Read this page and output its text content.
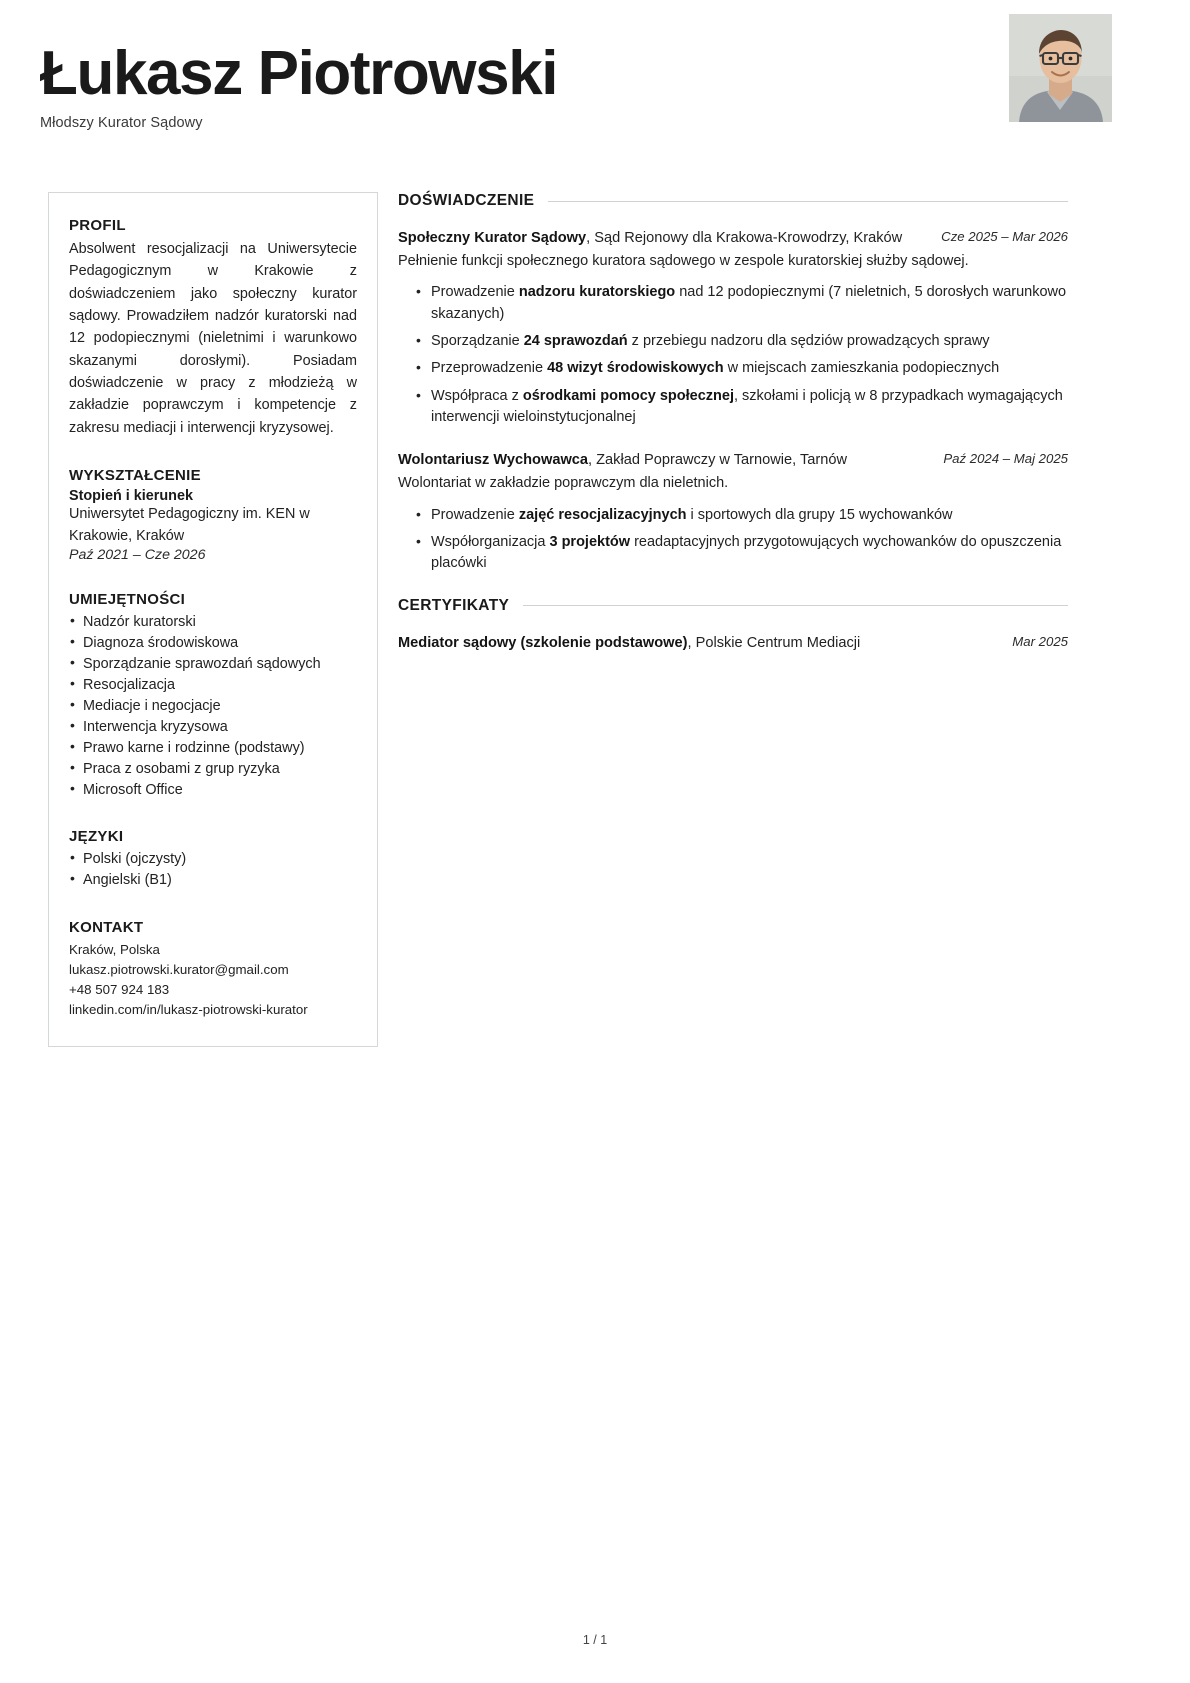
Łukasz Piotrowski
Młodszy Kurator Sądowy
PROFIL

Absolwent resocjalizacji na Uniwersytecie Pedagogicznym w Krakowie z doświadczeniem jako społeczny kurator sądowy. Prowadziłem nadzór kuratorski nad 12 podopiecznymi (nieletnimi i warunkowo skazanymi dorosłymi). Posiadam doświadczenie w pracy z młodzieżą w zakładzie poprawczym i kompetencje z zakresu mediacji i interwencji kryzysowej.

WYKSZTAŁCENIE

Stopień i kierunek

Uniwersytet Pedagogiczny im. KEN w Krakowie, Kraków

Paź 2021 – Cze 2026

UMIEJĘTNOŚCI
• Nadzór kuratorski
• Diagnoza środowiskowa
• Sporządzanie sprawozdań sądowych
• Resocjalizacja
• Mediacje i negocjacje
• Interwencja kryzysowa
• Prawo karne i rodzinne (podstawy)
• Praca z osobami z grup ryzyka
• Microsoft Office
JĘZYKI
• Polski (ojczysty)
• Angielski (B1)
KONTAKT

Kraków, Polska

lukasz.piotrowski.kurator@gmail.com

+48 507 924 183

linkedin.com/in/lukasz-piotrowski-kurator

DOŚWIADCZENIE
Społeczny Kurator Sądowy, Sąd Rejonowy dla Krakowa-Krowodrzy, Kraków	Cze 2025 – Mar 2026

Pełnienie funkcji społecznego kuratora sądowego w zespole kuratorskiej służby sądowej.

• Prowadzenie nadzoru kuratorskiego nad 12 podopiecznymi (7 nieletnich, 5 dorosłych warunkowo skazanych)
• Sporządzanie 24 sprawozdań z przebiegu nadzoru dla sędziów prowadzących sprawy
• Przeprowadzenie 48 wizyt środowiskowych w miejscach zamieszkania podopiecznych
• Współpraca z ośrodkami pomocy społecznej, szkołami i policją w 8 przypadkach wymagających interwencji wieloinstytucjonalnej
Wolontariusz Wychowawca, Zakład Poprawczy w Tarnowie, Tarnów	Paź 2024 – Maj 2025

Wolontariat w zakładzie poprawczym dla nieletnich.

• Prowadzenie zajęć resocjalizacyjnych i sportowych dla grupy 15 wychowanków
• Współorganizacja 3 projektów readaptacyjnych przygotowujących wychowanków do opuszczenia placówki
CERTYFIKATY
Mediator sądowy (szkolenie podstawowe), Polskie Centrum Mediacji	Mar 2025
1 / 1
